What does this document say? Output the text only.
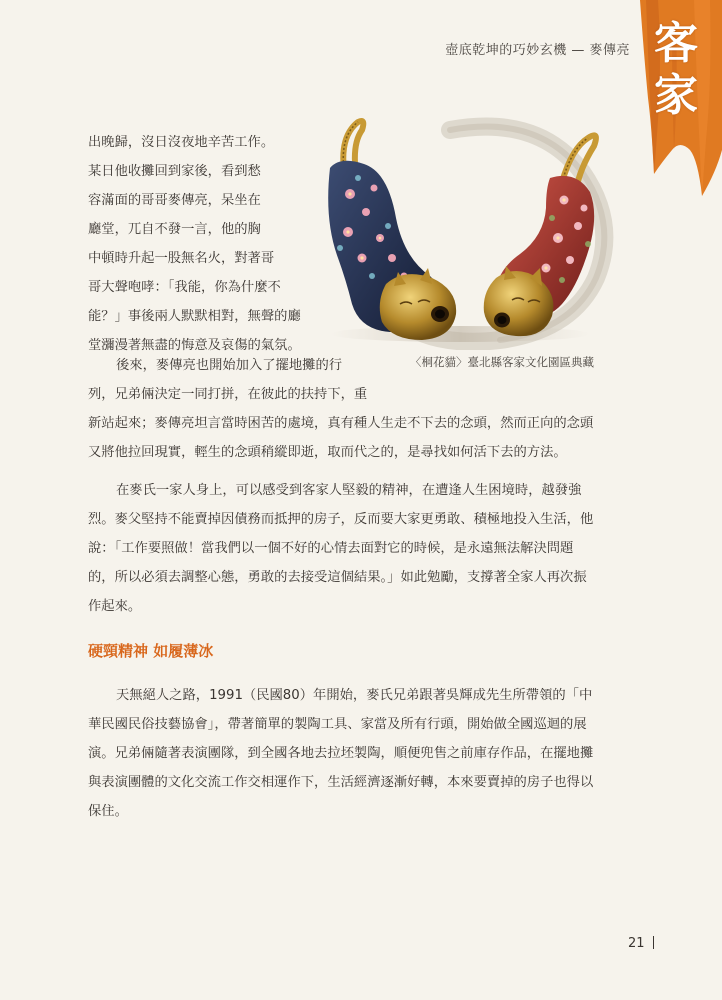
壺底乾坤的巧妙玄機 — 麥傳亮 客家
〈桐花貓〉臺北縣客家文化園區典藏
出晚歸，沒日沒夜地辛苦工作。
某日他收攤回到家後，看到愁
容滿面的哥哥麥傳亮，呆坐在
廳堂，兀自不發一言，他的胸
中頓時升起一股無名火，對著哥
哥大聲咆哮：「我能，你為什麼不
能？」事後兩人默默相對，無聲的廳
堂瀰漫著無盡的悔意及哀傷的氣氛。
後來，麥傳亮也開始加入了擺地攤的行
列，兄弟倆決定一同打拼，在彼此的扶持下，重
新站起來；麥傳亮坦言當時困苦的處境，真有種人生走不下去的念頭，然而正向的念頭
又將他拉回現實，輕生的念頭稍縱即逝，取而代之的，是尋找如何活下去的方法。
在麥氏一家人身上，可以感受到客家人堅毅的精神，在遭逢人生困境時，越發強
烈。麥父堅持不能賣掉因債務而抵押的房子，反而要大家更勇敢、積極地投入生活，他
說：「工作要照做！當我們以一個不好的心情去面對它的時候，是永遠無法解決問題
的，所以必須去調整心態，勇敢的去接受這個結果。」如此勉勵，支撐著全家人再次振
作起來。
硬頸精神 如履薄冰
天無絕人之路，1991（民國80）年開始，麥氏兄弟跟著吳輝成先生所帶領的「中
華民國民俗技藝協會」，帶著簡單的製陶工具、家當及所有行頭，開始做全國巡迴的展
演。兄弟倆隨著表演團隊，到全國各地去拉坯製陶，順便兜售之前庫存作品，在擺地攤
與表演團體的文化交流工作交相運作下，生活經濟逐漸好轉，本來要賣掉的房子也得以
保住。
21
